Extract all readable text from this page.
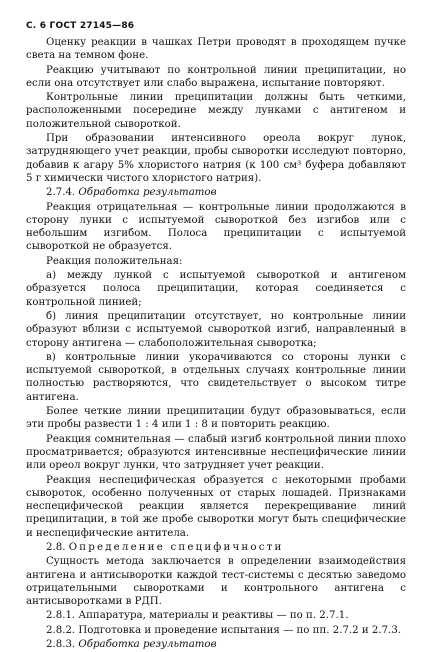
С. 6 ГОСТ 27145—86

Оценку реакции в чашках Петри проводят в проходящем пучке света на темном фоне.

Реакцию учитывают по контрольной линии преципитации, но если она отсутствует или слабо выражена, испытание повторяют.

Контрольные линии преципитации должны быть четкими, расположенными посередине между лунками с антигеном и положительной сывороткой.

При образовании интенсивного ореола вокруг лунок, затрудняющего учет реакции, пробы сыворотки исследуют повторно, добавив к агару 5% хлористого натрия (к 100 см³ буфера добавляют 5 г химически чистого хлористого натрия).

2.7.4. Обработка результатов

Реакция отрицательная — контрольные линии продолжаются в сторону лунки с испытуемой сывороткой без изгибов или с небольшим изгибом. Полоса преципитации с испытуемой сывороткой не образуется.

Реакция положительная:

а) между лункой с испытуемой сывороткой и антигеном образуется полоса преципитации, которая соединяется с контрольной линией;

б) линия преципитации отсутствует, но контрольные линии образуют вблизи с испытуемой сывороткой изгиб, направленный в сторону антигена — слабоположительная сыворотка;

в) контрольные линии укорачиваются со стороны лунки с испытуемой сывороткой, в отдельных случаях контрольные линии полностью растворяются, что свидетельствует о высоком титре антигена.

Более четкие линии преципитации будут образовываться, если эти пробы развести 1 : 4 или 1 : 8 и повторить реакцию.

Реакция сомнительная — слабый изгиб контрольной линии плохо просматривается; образуются интенсивные неспецифические линии или ореол вокруг лунки, что затрудняет учет реакции.

Реакция неспецифическая образуется с некоторыми пробами сывороток, особенно полученных от старых лошадей. Признаками неспецифической реакции является перекрещивание линий преципитации, в той же пробе сыворотки могут быть специфические и неспецифические антитела.

2.8. Определение специфичности

Сущность метода заключается в определении взаимодействия антигена и антисыворотки каждой тест-системы с десятью заведомо отрицательными сыворотками и контрольного антигена с антисыворотками в РДП.

2.8.1. Аппаратура, материалы и реактивы — по п. 2.7.1.

2.8.2. Подготовка и проведение испытания — по пп. 2.7.2 и 2.7.3.

2.8.3. Обработка результатов
